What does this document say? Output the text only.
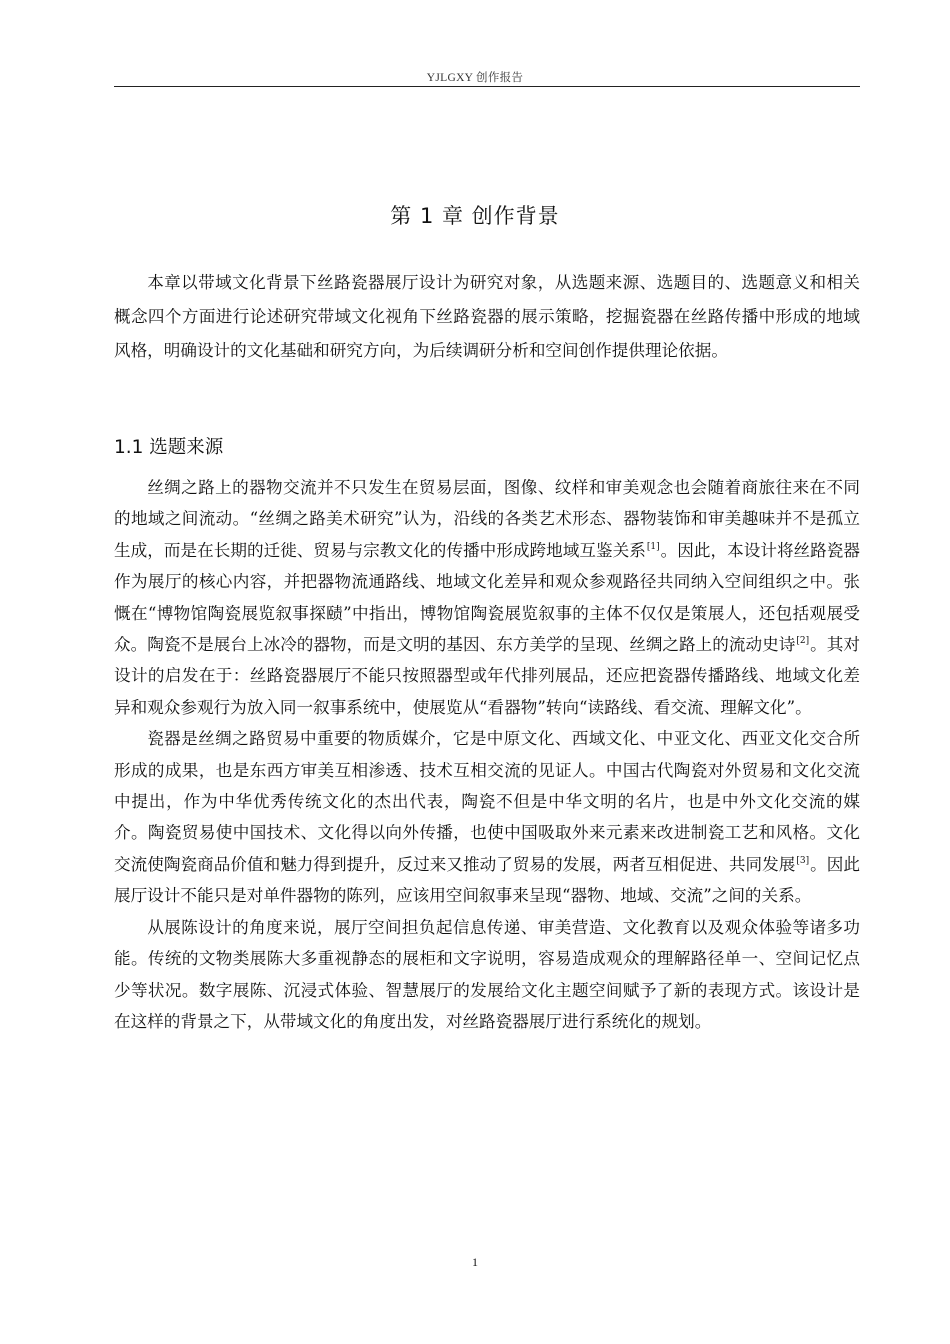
YJLGXY 创作报告
第 1 章 创作背景

本章以带域文化背景下丝路瓷器展厅设计为研究对象，从选题来源、选题目的、选题意义和相关概念四个方面进行论述研究带域文化视角下丝路瓷器的展示策略，挖掘瓷器在丝路传播中形成的地域风格，明确设计的文化基础和研究方向，为后续调研分析和空间创作提供理论依据。

1.1 选题来源

丝绸之路上的器物交流并不只发生在贸易层面，图像、纹样和审美观念也会随着商旅往来在不同的地域之间流动。“丝绸之路美术研究”认为，沿线的各类艺术形态、器物装饰和审美趣味并不是孤立生成，而是在长期的迁徙、贸易与宗教文化的传播中形成跨地域互鉴关系[1]。因此，本设计将丝路瓷器作为展厅的核心内容，并把器物流通路线、地域文化差异和观众参观路径共同纳入空间组织之中。张慨在“博物馆陶瓷展览叙事探赜”中指出，博物馆陶瓷展览叙事的主体不仅仅是策展人，还包括观展受众。陶瓷不是展台上冰冷的器物，而是文明的基因、东方美学的呈现、丝绸之路上的流动史诗[2]。其对设计的启发在于：丝路瓷器展厅不能只按照器型或年代排列展品，还应把瓷器传播路线、地域文化差异和观众参观行为放入同一叙事系统中，使展览从“看器物”转向“读路线、看交流、理解文化”。

瓷器是丝绸之路贸易中重要的物质媒介，它是中原文化、西域文化、中亚文化、西亚文化交合所形成的成果，也是东西方审美互相渗透、技术互相交流的见证人。中国古代陶瓷对外贸易和文化交流中提出，作为中华优秀传统文化的杰出代表，陶瓷不但是中华文明的名片，也是中外文化交流的媒介。陶瓷贸易使中国技术、文化得以向外传播，也使中国吸取外来元素来改进制瓷工艺和风格。文化交流使陶瓷商品价值和魅力得到提升，反过来又推动了贸易的发展，两者互相促进、共同发展[3]。因此展厅设计不能只是对单件器物的陈列，应该用空间叙事来呈现“器物、地域、交流”之间的关系。

从展陈设计的角度来说，展厅空间担负起信息传递、审美营造、文化教育以及观众体验等诸多功能。传统的文物类展陈大多重视静态的展柜和文字说明，容易造成观众的理解路径单一、空间记忆点少等状况。数字展陈、沉浸式体验、智慧展厅的发展给文化主题空间赋予了新的表现方式。该设计是在这样的背景之下，从带域文化的角度出发，对丝路瓷器展厅进行系统化的规划。

1
